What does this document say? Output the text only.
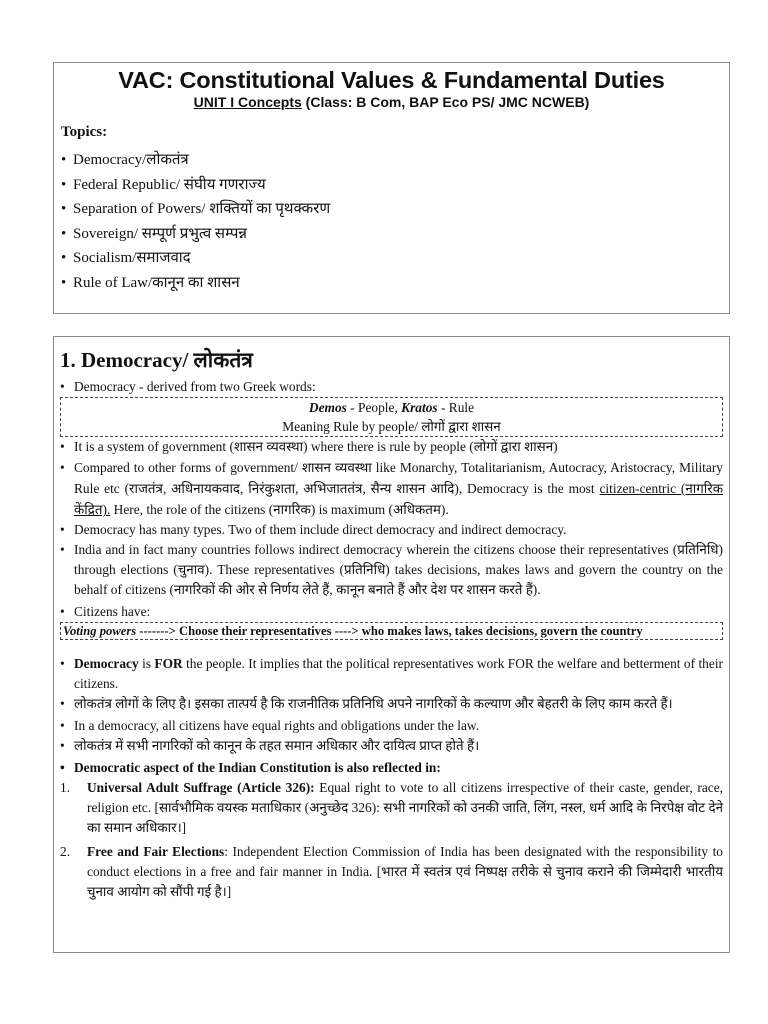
VAC: Constitutional Values & Fundamental Duties
UNIT I Concepts (Class: B Com, BAP Eco PS/ JMC NCWEB)
Topics:
• Democracy/लोकतंत्र
• Federal Republic/ संघीय गणराज्य
• Separation of Powers/ शक्तियों का पृथक्करण
• Sovereign/ सम्पूर्ण प्रभुत्व सम्पन्न
• Socialism/समाजवाद
• Rule of Law/कानून का शासन
1. Democracy/ लोकतंत्र
• Democracy - derived from two Greek words:
Demos - People, Kratos - Rule
Meaning Rule by people/ लोगों द्वारा शासन
• It is a system of government (शासन व्यवस्था) where there is rule by people (लोगों द्वारा शासन)
• Compared to other forms of government/ शासन व्यवस्था like Monarchy, Totalitarianism, Autocracy, Aristocracy, Military Rule etc (राजतंत्र, अधिनायकवाद, निरंकुशता, अभिजाततंत्र, सैन्य शासन आदि), Democracy is the most citizen-centric (नागरिक केंद्रित). Here, the role of the citizens (नागरिक) is maximum (अधिकतम).
• Democracy has many types. Two of them include direct democracy and indirect democracy.
• India and in fact many countries follows indirect democracy wherein the citizens choose their representatives (प्रतिनिधि) through elections (चुनाव). These representatives (प्रतिनिधि) takes decisions, makes laws and govern the country on the behalf of citizens (नागरिकों की ओर से निर्णय लेते हैं, कानून बनाते हैं और देश पर शासन करते हैं).
• Citizens have:
Voting powers -------> Choose their representatives ----> who makes laws, takes decisions, govern the country
• Democracy is FOR the people. It implies that the political representatives work FOR the welfare and betterment of their citizens.
• लोकतंत्र लोगों के लिए है। इसका तात्पर्य है कि राजनीतिक प्रतिनिधि अपने नागरिकों के कल्याण और बेहतरी के लिए काम करते हैं।
• In a democracy, all citizens have equal rights and obligations under the law.
• लोकतंत्र में सभी नागरिकों को कानून के तहत समान अधिकार और दायित्व प्राप्त होते हैं।
• Democratic aspect of the Indian Constitution is also reflected in:
1. Universal Adult Suffrage (Article 326): Equal right to vote to all citizens irrespective of their caste, gender, race, religion etc. [सार्वभौमिक वयस्क मताधिकार (अनुच्छेद 326): सभी नागरिकों को उनकी जाति, लिंग, नस्ल, धर्म आदि के निरपेक्ष वोट देने का समान अधिकार।]
2. Free and Fair Elections: Independent Election Commission of India has been designated with the responsibility to conduct elections in a free and fair manner in India. [भारत में स्वतंत्र एवं निष्पक्ष तरीके से चुनाव कराने की जिम्मेदारी भारतीय चुनाव आयोग को सौंपी गई है।]
